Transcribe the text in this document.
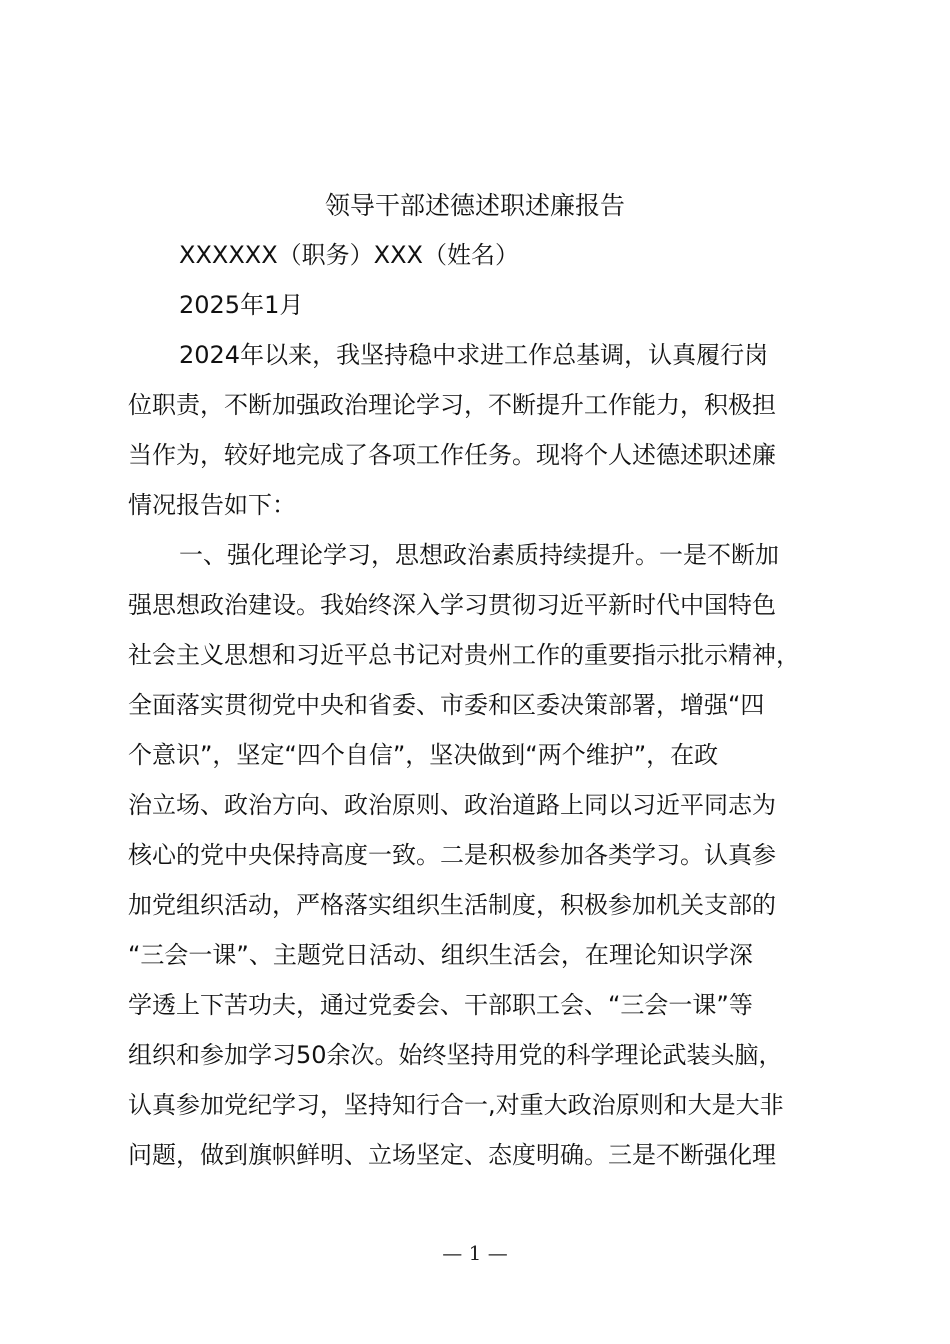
领导干部述德述职述廉报告
XXXXXX（职务）XXX（姓名）
2025年1月
2024年以来，我坚持稳中求进工作总基调，认真履行岗
位职责，不断加强政治理论学习，不断提升工作能力，积极担
当作为，较好地完成了各项工作任务。现将个人述德述职述廉
情况报告如下：
一、强化理论学习，思想政治素质持续提升。一是不断加
强思想政治建设。我始终深入学习贯彻习近平新时代中国特色
社会主义思想和习近平总书记对贵州工作的重要指示批示精神，
全面落实贯彻党中央和省委、市委和区委决策部署，增强“四
个意识”，坚定“四个自信”，坚决做到“两个维护”，在政
治立场、政治方向、政治原则、政治道路上同以习近平同志为
核心的党中央保持高度一致。二是积极参加各类学习。认真参
加党组织活动，严格落实组织生活制度，积极参加机关支部的
“三会一课”、主题党日活动、组织生活会，在理论知识学深
学透上下苦功夫，通过党委会、干部职工会、“三会一课”等
组织和参加学习50余次。始终坚持用党的科学理论武装头脑，
认真参加党纪学习，坚持知行合一,对重大政治原则和大是大非
问题，做到旗帜鲜明、立场坚定、态度明确。三是不断强化理
— 1 —
